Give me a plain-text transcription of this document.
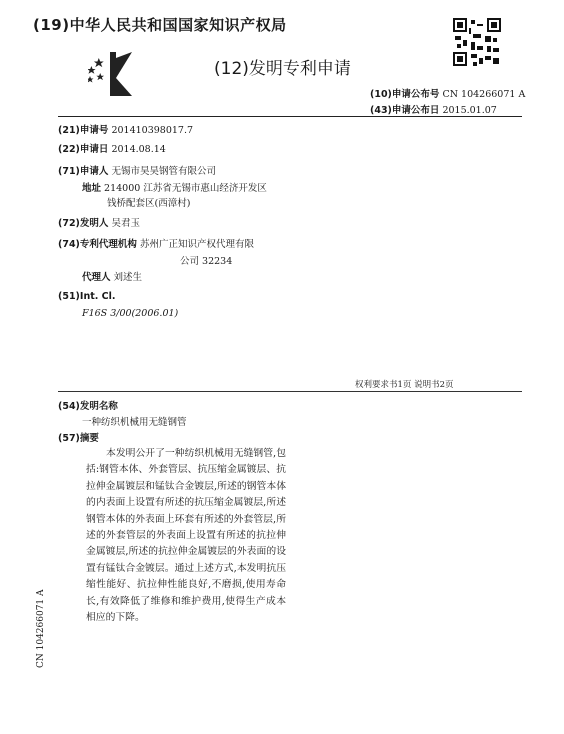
(19)中华人民共和国国家知识产权局
(12)发明专利申请
(10)申请公布号 CN 104266071 A
(43)申请公布日 2015.01.07
(21)申请号 201410398017.7
(22)申请日 2014.08.14
(71)申请人 无锡市昊昊钢管有限公司
地址 214000 江苏省无锡市惠山经济开发区
钱桥配套区(西漳村)
(72)发明人 吴君玉
(74)专利代理机构 苏州广正知识产权代理有限
公司 32234
代理人 刘述生
(51)Int. Cl.
F16S 3/00(2006.01)
权利要求书1页 说明书2页
(54)发明名称
一种纺织机械用无缝钢管
(57)摘要
本发明公开了一种纺织机械用无缝钢管,包括:钢管本体、外套管层、抗压缩金属镀层、抗拉伸金属镀层和锰钛合金镀层,所述的钢管本体的内表面上设置有所述的抗压缩金属镀层,所述钢管本体的外表面上环套有所述的外套管层,所述的外套管层的外表面上设置有所述的抗拉伸金属镀层,所述的抗拉伸金属镀层的外表面的设置有锰钛合金镀层。通过上述方式,本发明抗压缩性能好、抗拉伸性能良好,不磨损,使用寿命长,有效降低了维修和维护费用,使得生产成本相应的下降。
CN 104266071 A
